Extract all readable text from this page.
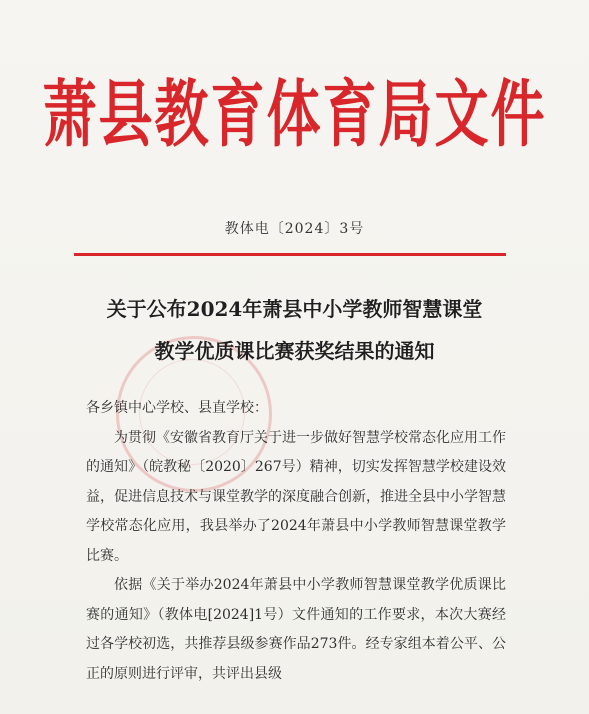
萧县教育体育局文件
教体电〔2024〕3号
关于公布2024年萧县中小学教师智慧课堂
教学优质课比赛获奖结果的通知

各乡镇中心学校、县直学校：

为贯彻《安徽省教育厅关于进一步做好智慧学校常态化应用工作的通知》（皖教秘〔2020〕267号）精神，切实发挥智慧学校建设效益，促进信息技术与课堂教学的深度融合创新，推进全县中小学智慧学校常态化应用，我县举办了2024年萧县中小学教师智慧课堂教学比赛。

依据《关于举办2024年萧县中小学教师智慧课堂教学优质课比赛的通知》（教体电[2024]1号）文件通知的工作要求，本次大赛经过各学校初选，共推荐县级参赛作品273件。经专家组本着公平、公正的原则进行评审，共评出县级
